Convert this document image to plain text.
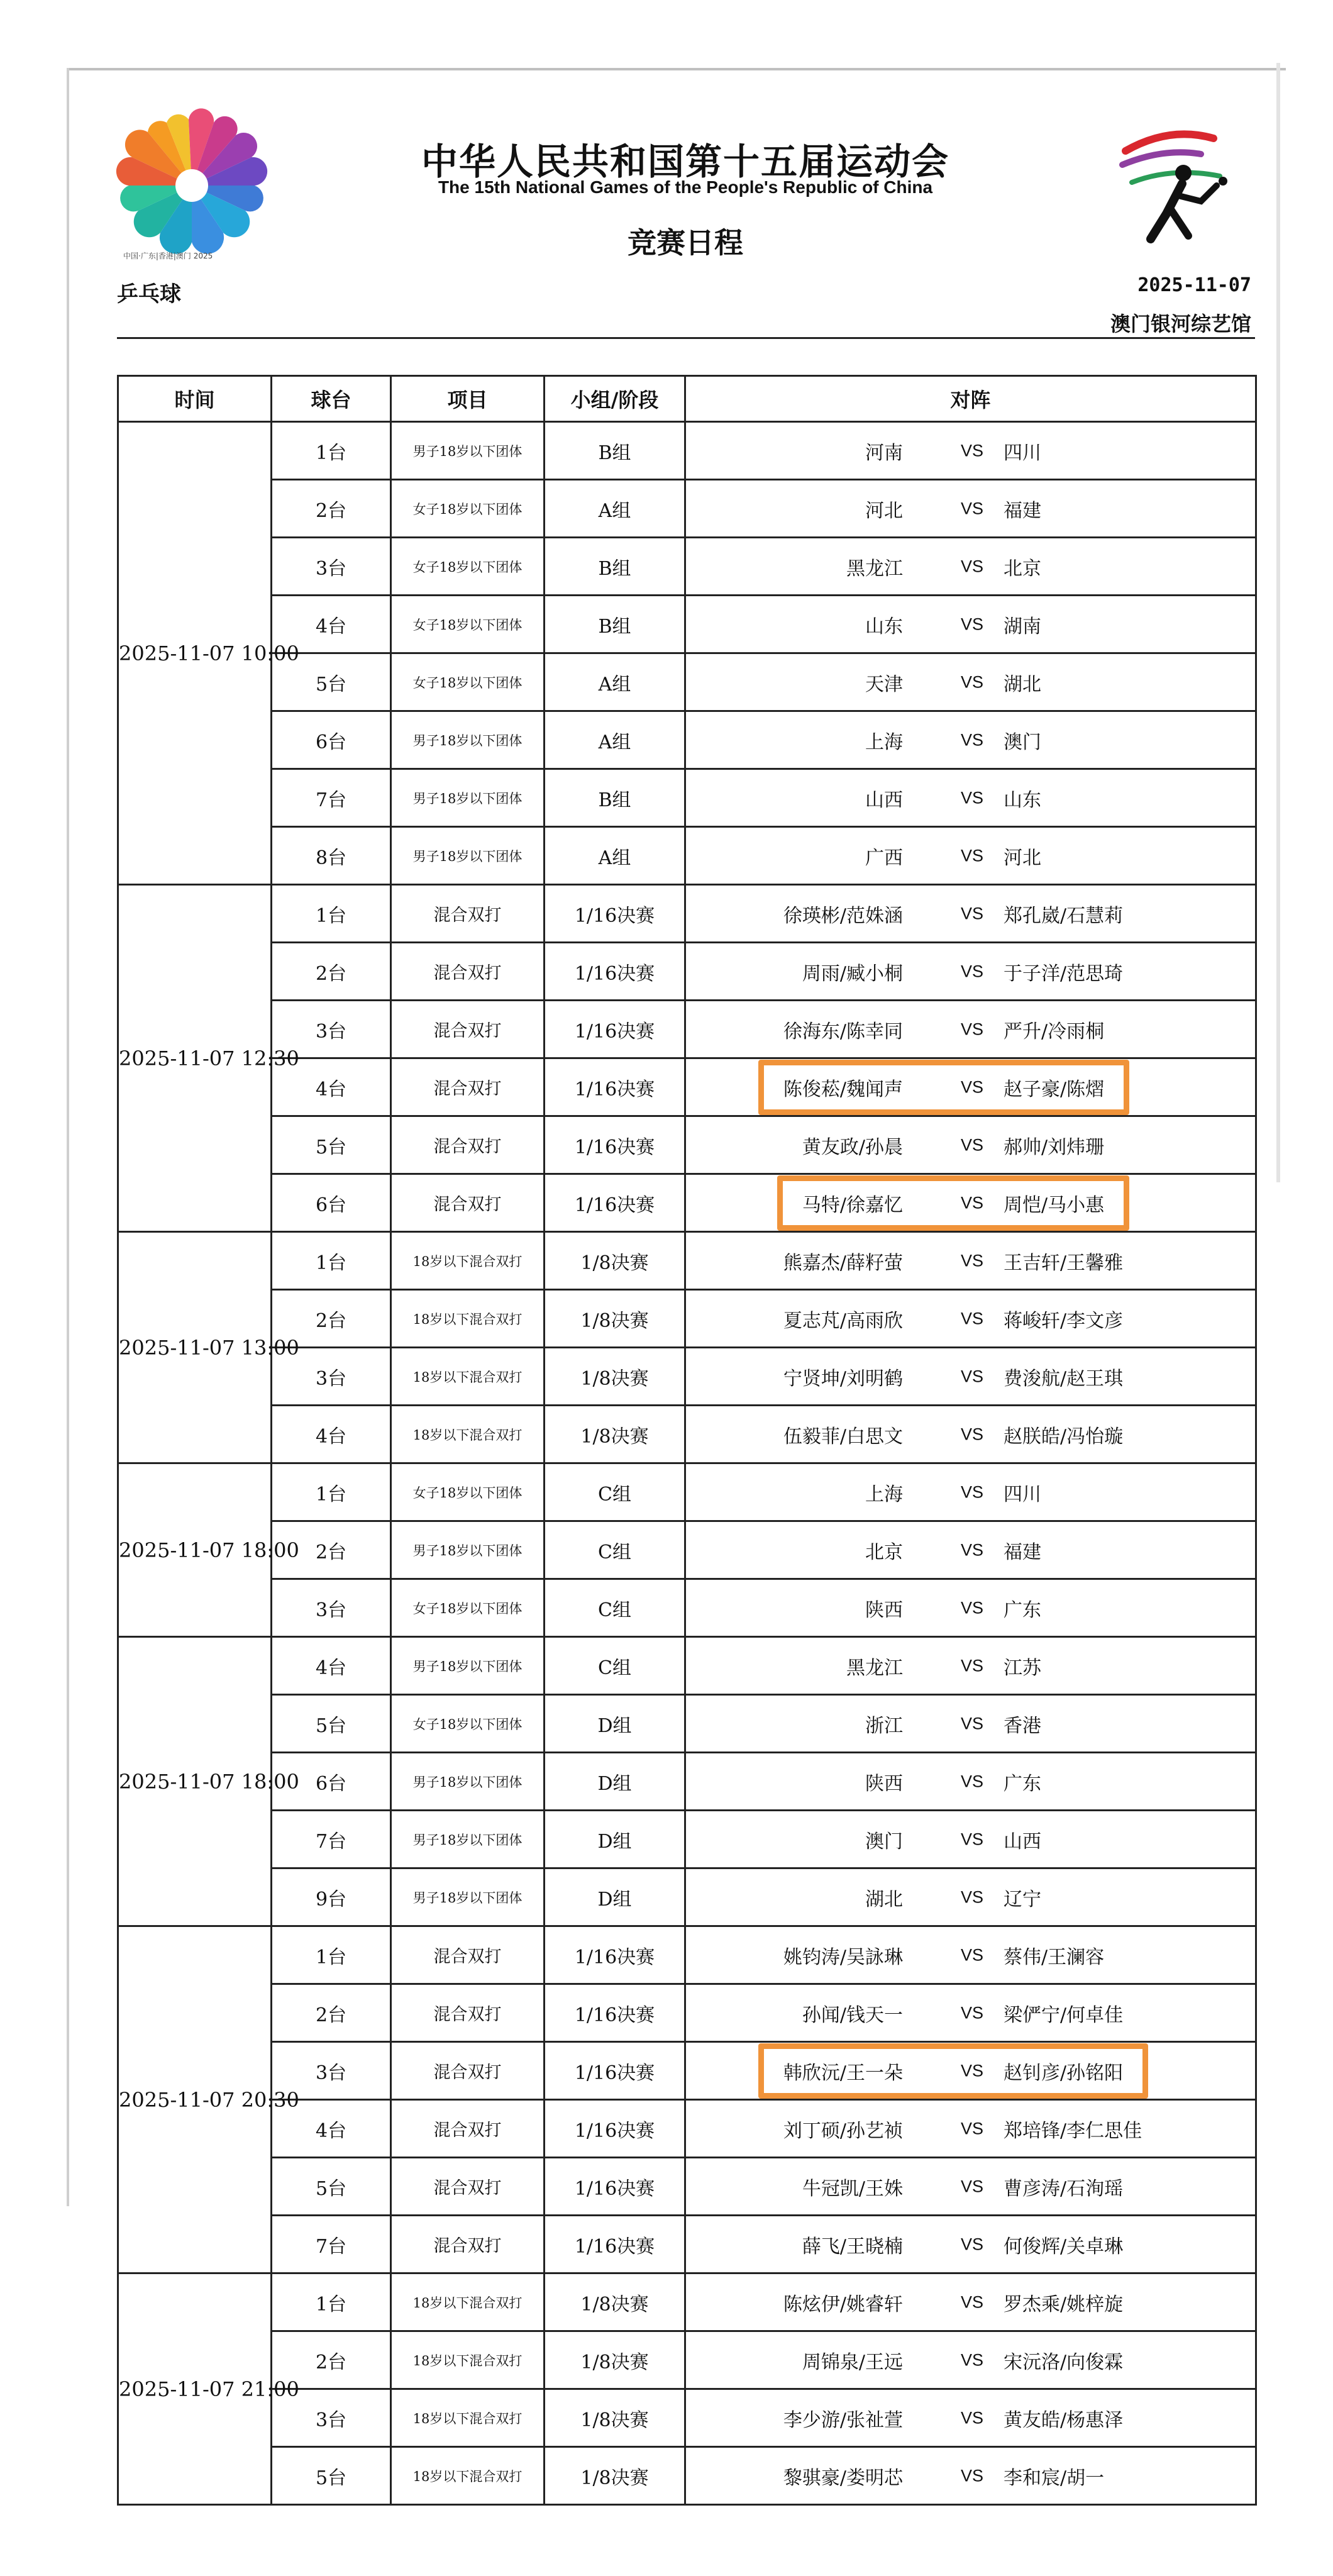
中国·广东|香港|澳门 2025
乒乓球
中华人民共和国第十五届运动会
The 15th National Games of the People's Republic of China
竞赛日程
2025-11-07
澳门银河综艺馆
时间	球台	项目	小组/阶段	对阵
2025-11-07 10:00	1台	男子18岁以下团体	B组	河南 VS 四川

	2台	女子18岁以下团体	A组	河北 VS 福建

	3台	女子18岁以下团体	B组	黑龙江 VS 北京

	4台	女子18岁以下团体	B组	山东 VS 湖南

	5台	女子18岁以下团体	A组	天津 VS 湖北

	6台	男子18岁以下团体	A组	上海 VS 澳门

	7台	男子18岁以下团体	B组	山西 VS 山东

	8台	男子18岁以下团体	A组	广西 VS 河北

2025-11-07 12:30	1台	混合双打	1/16决赛	徐瑛彬/范姝涵 VS 郑孔崴/石慧莉

	2台	混合双打	1/16决赛	周雨/臧小桐 VS 于子洋/范思琦

	3台	混合双打	1/16决赛	徐海东/陈幸同 VS 严升/冷雨桐

	4台	混合双打	1/16决赛	陈俊菘/魏闻声 VS 赵子豪/陈熠

	5台	混合双打	1/16决赛	黄友政/孙晨 VS 郝帅/刘炜珊

	6台	混合双打	1/16决赛	马特/徐嘉忆 VS 周恺/马小惠

2025-11-07 13:00	1台	18岁以下混合双打	1/8决赛	熊嘉杰/薛籽萤 VS 王吉轩/王馨雅

	2台	18岁以下混合双打	1/8决赛	夏志芃/高雨欣 VS 蒋峻轩/李文彦

	3台	18岁以下混合双打	1/8决赛	宁贤坤/刘明鹤 VS 费浚航/赵王琪

	4台	18岁以下混合双打	1/8决赛	伍毅菲/白思文 VS 赵朕皓/冯怡璇

2025-11-07 18:00	1台	女子18岁以下团体	C组	上海 VS 四川

	2台	男子18岁以下团体	C组	北京 VS 福建

	3台	女子18岁以下团体	C组	陕西 VS 广东

2025-11-07 18:00	4台	男子18岁以下团体	C组	黑龙江 VS 江苏

	5台	女子18岁以下团体	D组	浙江 VS 香港

	6台	男子18岁以下团体	D组	陕西 VS 广东

	7台	男子18岁以下团体	D组	澳门 VS 山西

	9台	男子18岁以下团体	D组	湖北 VS 辽宁

2025-11-07 20:30	1台	混合双打	1/16决赛	姚钧涛/吴詠琳 VS 蔡伟/王澜容

	2台	混合双打	1/16决赛	孙闻/钱天一 VS 梁俨宁/何卓佳

	3台	混合双打	1/16决赛	韩欣沅/王一朵 VS 赵钊彦/孙铭阳

	4台	混合双打	1/16决赛	刘丁硕/孙艺祯 VS 郑培锋/李仁思佳

	5台	混合双打	1/16决赛	牛冠凯/王姝 VS 曹彦涛/石洵瑶

	7台	混合双打	1/16决赛	薛飞/王晓楠 VS 何俊辉/关卓琳

2025-11-07 21:00	1台	18岁以下混合双打	1/8决赛	陈炫伊/姚睿轩 VS 罗杰乘/姚梓旋

	2台	18岁以下混合双打	1/8决赛	周锦泉/王远 VS 宋沅洛/向俊霖

	3台	18岁以下混合双打	1/8决赛	李少游/张祉萱 VS 黄友皓/杨惠泽

	5台	18岁以下混合双打	1/8决赛	黎骐豪/娄明芯 VS 李和宸/胡一
